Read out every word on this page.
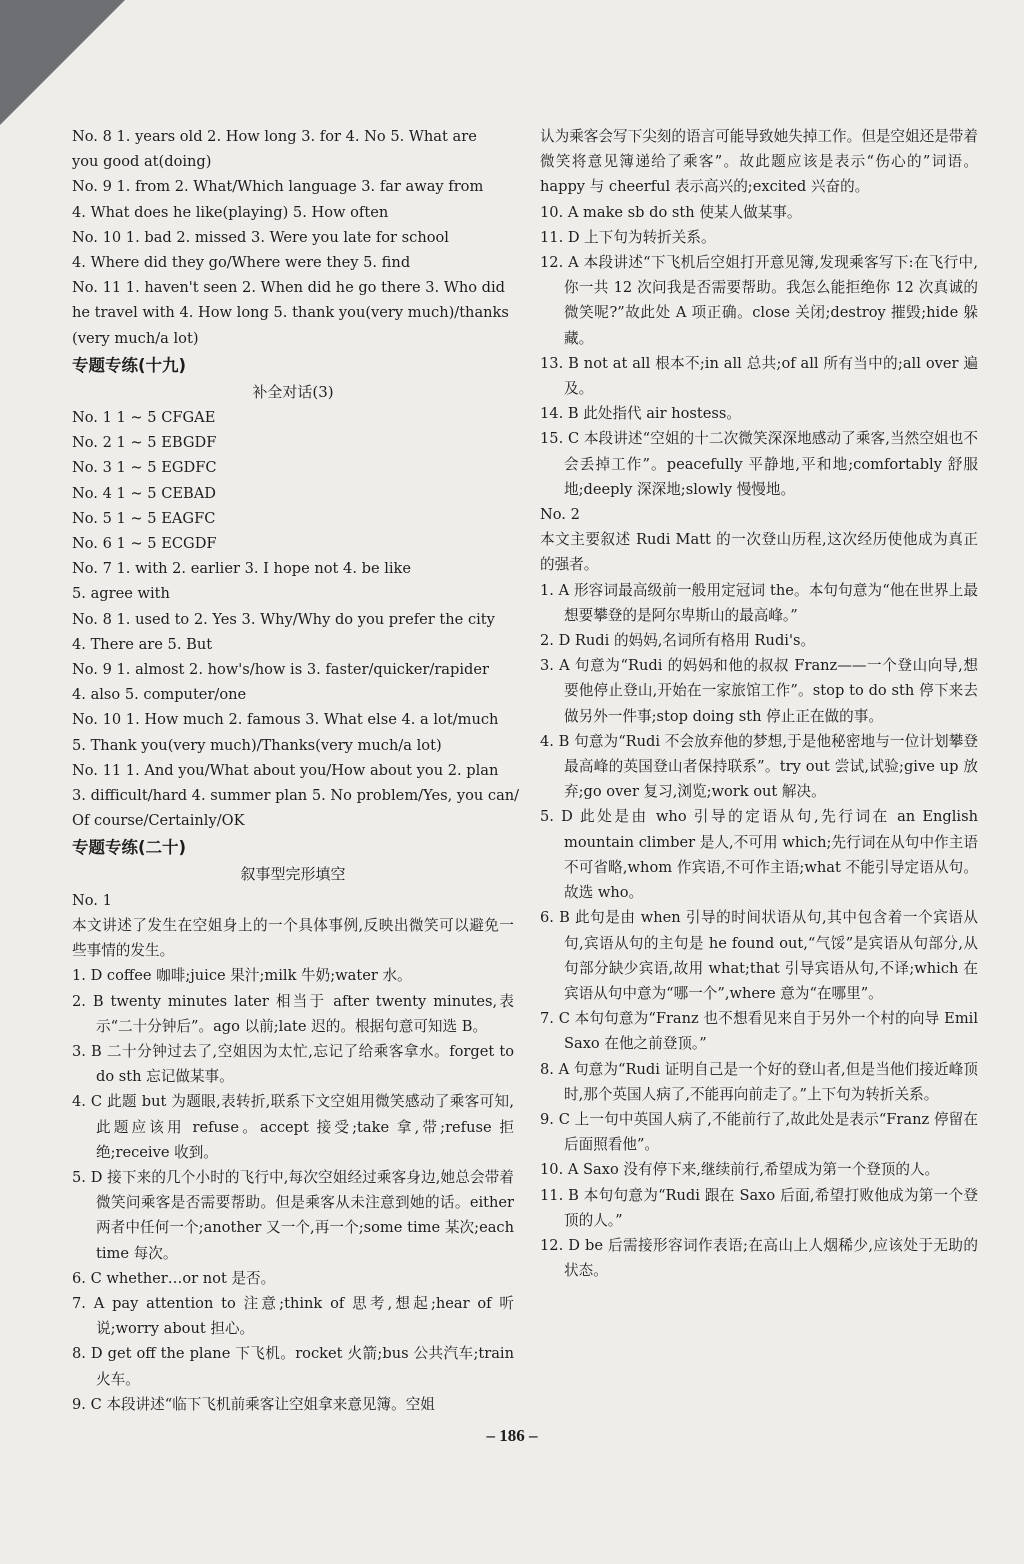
No. 8 1. years old 2. How long 3. for 4. No 5. What are
you good at(doing)
No. 9 1. from 2. What/Which language 3. far away from
4. What does he like(playing) 5. How often
No. 10 1. bad 2. missed 3. Were you late for school
4. Where did they go/Where were they 5. find
No. 11 1. haven't seen 2. When did he go there 3. Who did
he travel with 4. How long 5. thank you(very much)/thanks
(very much/a lot)
专题专练(十九)
补全对话(3)
No. 1 1 ~ 5 CFGAE
No. 2 1 ~ 5 EBGDF
No. 3 1 ~ 5 EGDFC
No. 4 1 ~ 5 CEBAD
No. 5 1 ~ 5 EAGFC
No. 6 1 ~ 5 ECGDF
No. 7 1. with 2. earlier 3. I hope not 4. be like
5. agree with
No. 8 1. used to 2. Yes 3. Why/Why do you prefer the city
4. There are 5. But
No. 9 1. almost 2. how's/how is 3. faster/quicker/rapider
4. also 5. computer/one
No. 10 1. How much 2. famous 3. What else 4. a lot/much
5. Thank you(very much)/Thanks(very much/a lot)
No. 11 1. And you/What about you/How about you 2. plan
3. difficult/hard 4. summer plan 5. No problem/Yes, you can/
Of course/Certainly/OK
专题专练(二十)
叙事型完形填空
No. 1
本文讲述了发生在空姐身上的一个具体事例,反映出微笑可以避免一些事情的发生。
1. D coffee 咖啡;juice 果汁;milk 牛奶;water 水。
2. B twenty minutes later 相当于 after twenty minutes,表示“二十分钟后”。ago 以前;late 迟的。根据句意可知选 B。
3. B 二十分钟过去了,空姐因为太忙,忘记了给乘客拿水。forget to do sth 忘记做某事。
4. C 此题 but 为题眼,表转折,联系下文空姐用微笑感动了乘客可知,此题应该用 refuse。accept 接受;take 拿,带;refuse 拒绝;receive 收到。
5. D 接下来的几个小时的飞行中,每次空姐经过乘客身边,她总会带着微笑问乘客是否需要帮助。但是乘客从未注意到她的话。either 两者中任何一个;another 又一个,再一个;some time 某次;each time 每次。
6. C whether…or not 是否。
7. A pay attention to 注意;think of 思考,想起;hear of 听说;worry about 担心。
8. D get off the plane 下飞机。rocket 火箭;bus 公共汽车;train 火车。
9. C 本段讲述“临下飞机前乘客让空姐拿来意见簿。空姐
认为乘客会写下尖刻的语言可能导致她失掉工作。但是空姐还是带着微笑将意见簿递给了乘客”。故此题应该是表示“伤心的”词语。happy 与 cheerful 表示高兴的;excited 兴奋的。
10. A make sb do sth 使某人做某事。
11. D 上下句为转折关系。
12. A 本段讲述“下飞机后空姐打开意见簿,发现乘客写下:在飞行中,你一共 12 次问我是否需要帮助。我怎么能拒绝你 12 次真诚的微笑呢?”故此处 A 项正确。close 关闭;destroy 摧毁;hide 躲藏。
13. B not at all 根本不;in all 总共;of all 所有当中的;all over 遍及。
14. B 此处指代 air hostess。
15. C 本段讲述“空姐的十二次微笑深深地感动了乘客,当然空姐也不会丢掉工作”。peacefully 平静地,平和地;comfortably 舒服地;deeply 深深地;slowly 慢慢地。
No. 2
本文主要叙述 Rudi Matt 的一次登山历程,这次经历使他成为真正的强者。
1. A 形容词最高级前一般用定冠词 the。本句句意为“他在世界上最想要攀登的是阿尔卑斯山的最高峰。”
2. D Rudi 的妈妈,名词所有格用 Rudi's。
3. A 句意为“Rudi 的妈妈和他的叔叔 Franz——一个登山向导,想要他停止登山,开始在一家旅馆工作”。stop to do sth 停下来去做另外一件事;stop doing sth 停止正在做的事。
4. B 句意为“Rudi 不会放弃他的梦想,于是他秘密地与一位计划攀登最高峰的英国登山者保持联系”。try out 尝试,试验;give up 放弃;go over 复习,浏览;work out 解决。
5. D 此处是由 who 引导的定语从句,先行词在 an English mountain climber 是人,不可用 which;先行词在从句中作主语不可省略,whom 作宾语,不可作主语;what 不能引导定语从句。故选 who。
6. B 此句是由 when 引导的时间状语从句,其中包含着一个宾语从句,宾语从句的主句是 he found out,“气馁”是宾语从句部分,从句部分缺少宾语,故用 what;that 引导宾语从句,不译;which 在宾语从句中意为“哪一个”,where 意为“在哪里”。
7. C 本句句意为“Franz 也不想看见来自于另外一个村的向导 Emil Saxo 在他之前登顶。”
8. A 句意为“Rudi 证明自己是一个好的登山者,但是当他们接近峰顶时,那个英国人病了,不能再向前走了。”上下句为转折关系。
9. C 上一句中英国人病了,不能前行了,故此处是表示“Franz 停留在后面照看他”。
10. A Saxo 没有停下来,继续前行,希望成为第一个登顶的人。
11. B 本句句意为“Rudi 跟在 Saxo 后面,希望打败他成为第一个登顶的人。”
12. D be 后需接形容词作表语;在高山上人烟稀少,应该处于无助的状态。
– 186 –
